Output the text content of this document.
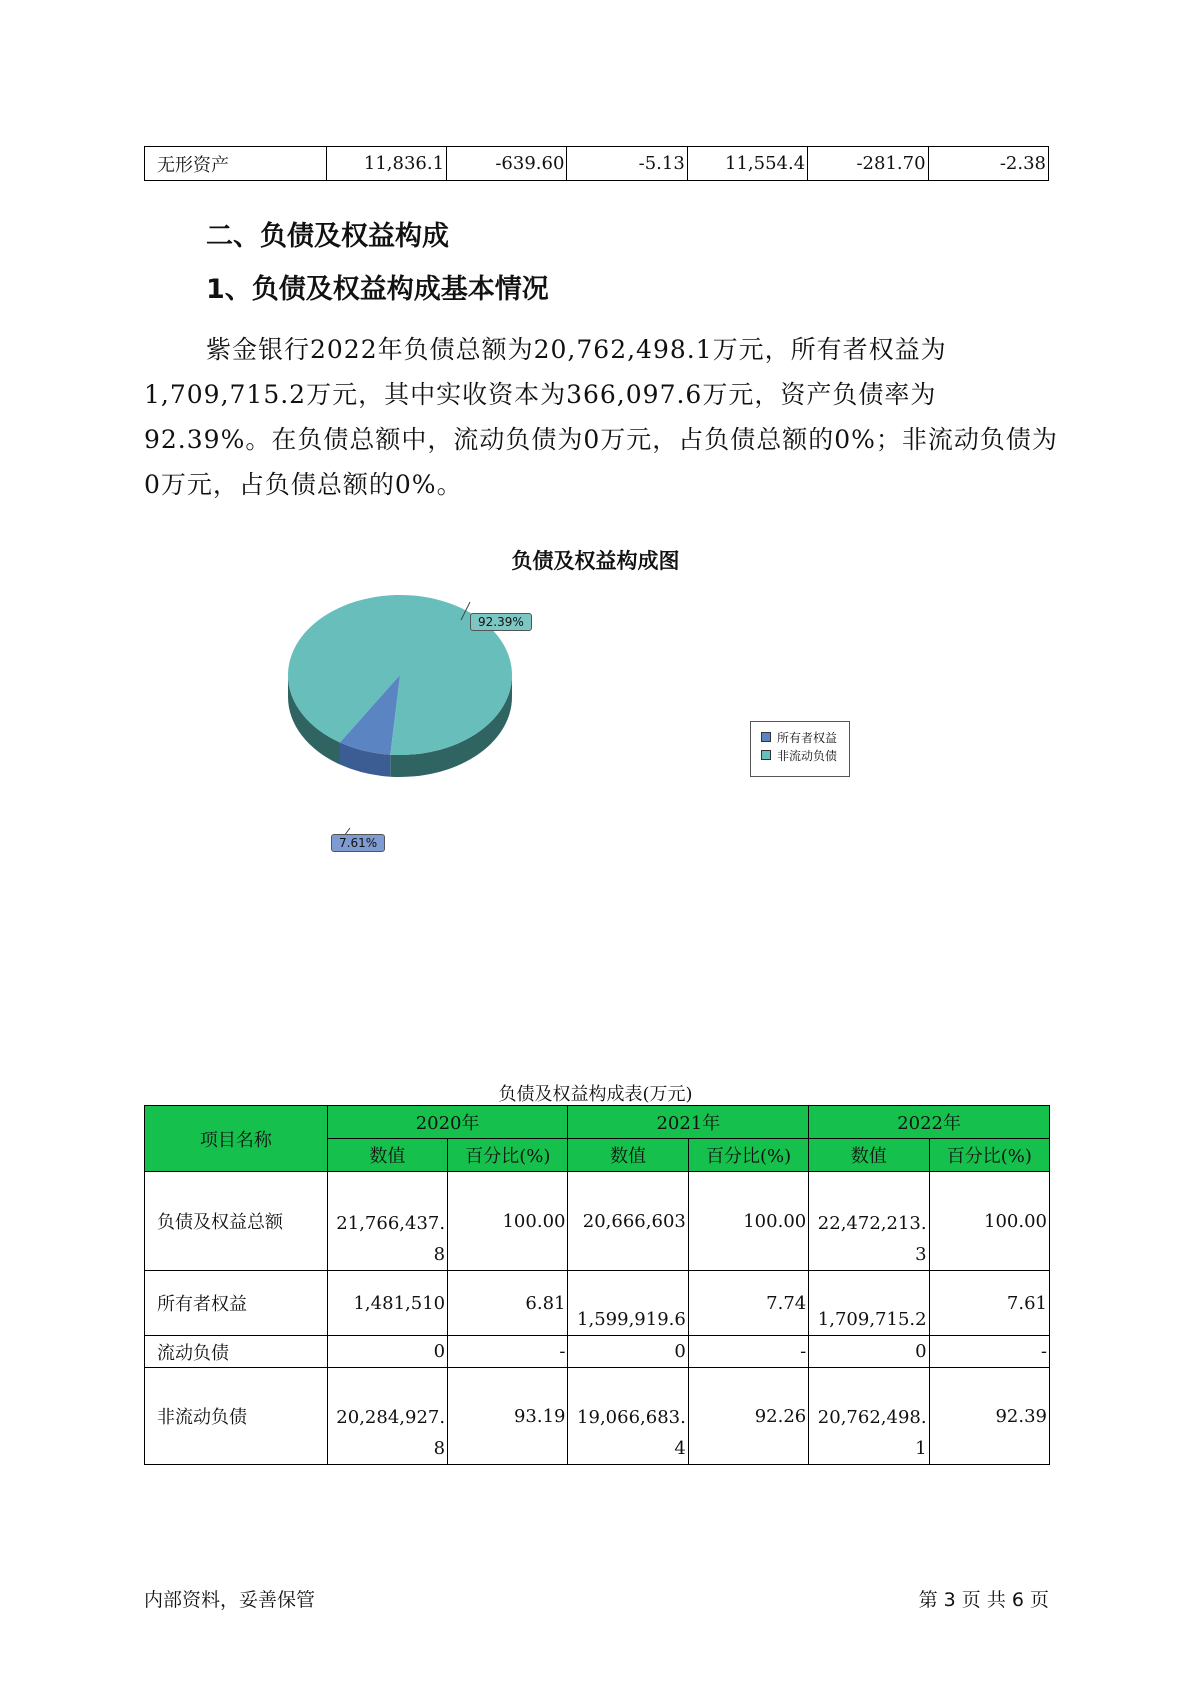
无形资产	11,836.1	-639.60	-5.13	11,554.4	-281.70	-2.38
二、负债及权益构成
1、负债及权益构成基本情况

紫金银行2022年负债总额为20,762,498.1万元，所有者权益为1,709,715.2万元，其中实收资本为366,097.6万元，资产负债率为92.39%。在负债总额中，流动负债为0万元，占负债总额的0%；非流动负债为0万元，占负债总额的0%。

负债及权益构成图

92.39%
7.61%
所有者权益
非流动负债

负债及权益构成表(万元)

项目名称	2020年		2021年		2022年	
	数值	百分比(%)	数值	百分比(%)	数值	百分比(%)
负债及权益总额	21,766,437.8	100.00	20,666,603	100.00	22,472,213.3	100.00
所有者权益	1,481,510	6.81	1,599,919.6	7.74	1,709,715.2	7.61
流动负债	0	-	0	-	0	-
非流动负债	20,284,927.8	93.19	19,066,683.4	92.26	20,762,498.1	92.39

内部资料，妥善保管	第 3 页 共 6 页
